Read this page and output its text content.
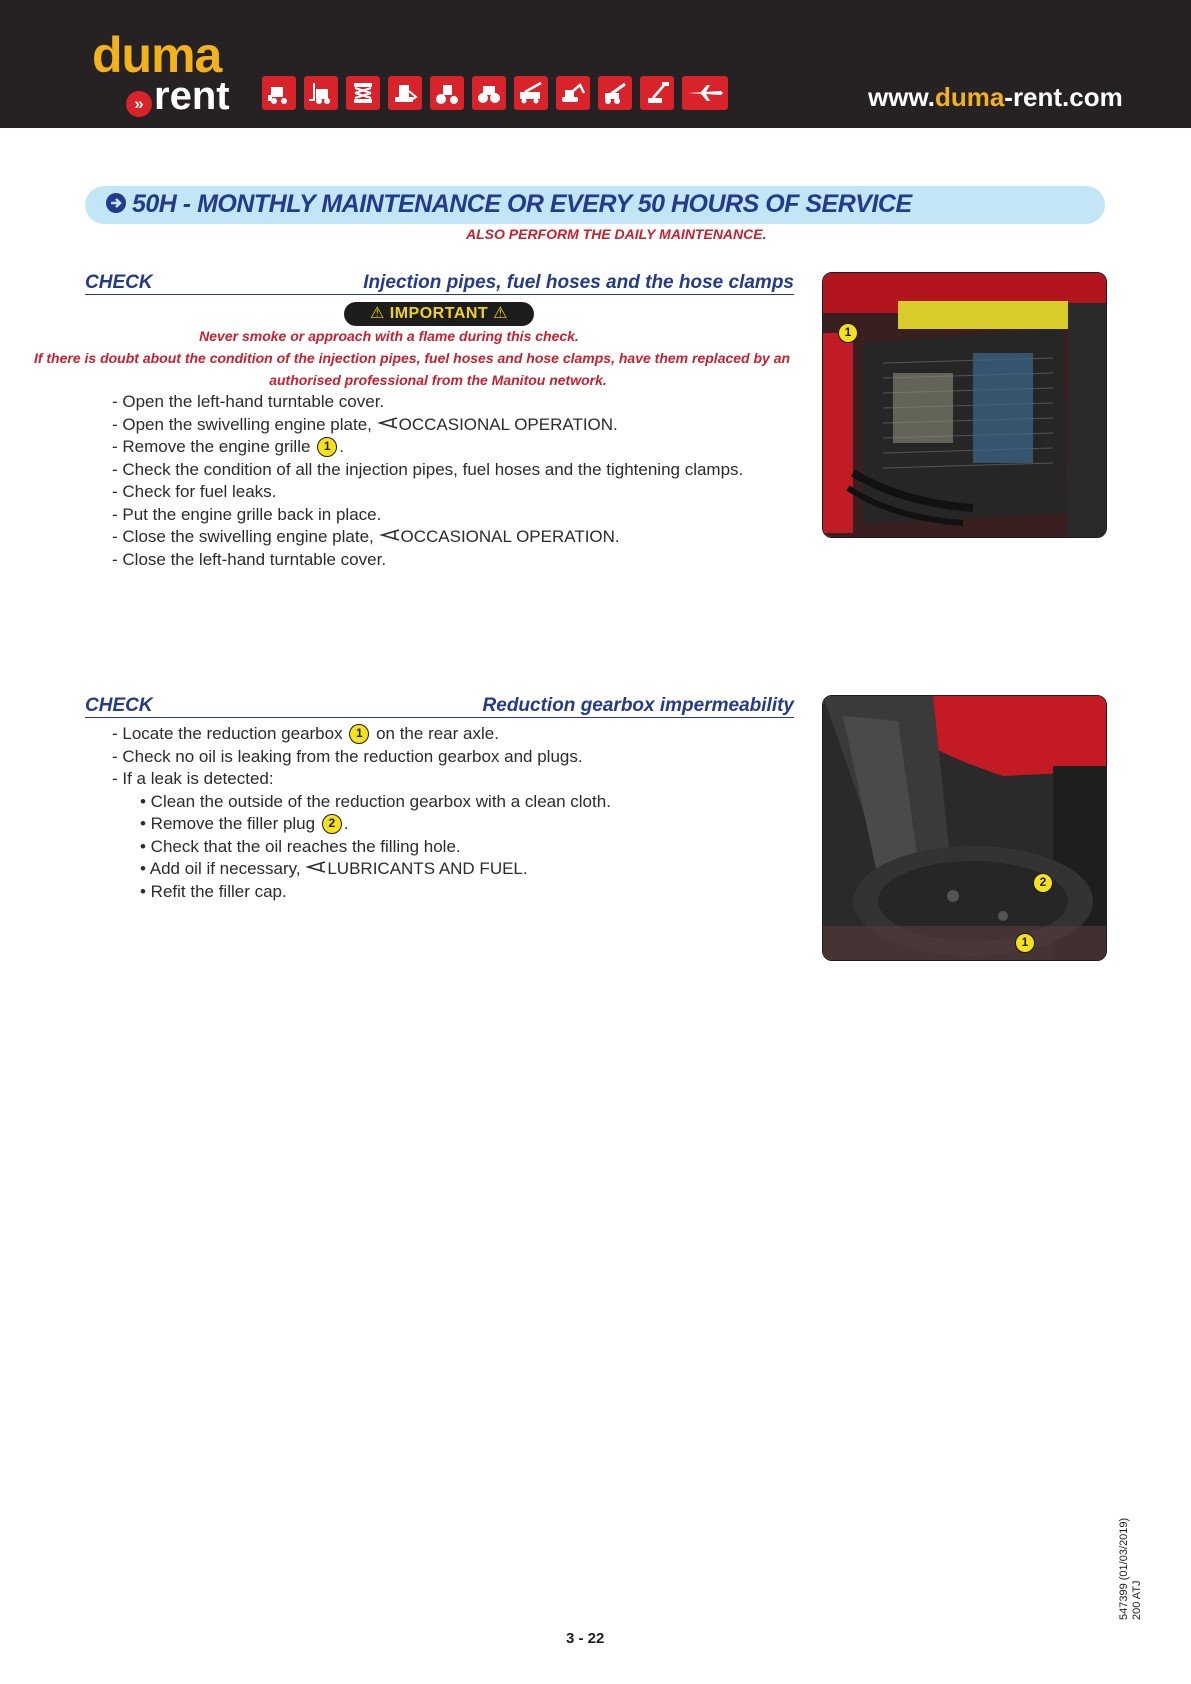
duma
» rent	www.duma-rent.com
50H - MONTHLY MAINTENANCE OR EVERY 50 HOURS OF SERVICE
ALSO PERFORM THE DAILY MAINTENANCE.
CHECK	Injection pipes, fuel hoses and the hose clamps
⚠ IMPORTANT ⚠
Never smoke or approach with a flame during this check.
If there is doubt about the condition of the injection pipes, fuel hoses and hose clamps, have them replaced by an
authorised professional from the Manitou network.
- Open the left-hand turntable cover.
- Open the swivelling engine plate, OCCASIONAL OPERATION.
- Remove the engine grille 1 .
- Check the condition of all the injection pipes, fuel hoses and the tightening clamps.
- Check for fuel leaks.
- Put the engine grille back in place.
- Close the swivelling engine plate, OCCASIONAL OPERATION.
- Close the left-hand turntable cover.
1
CHECK	Reduction gearbox impermeability
- Locate the reduction gearbox 1 on the rear axle.
- Check no oil is leaking from the reduction gearbox and plugs.
- If a leak is detected:
• Clean the outside of the reduction gearbox with a clean cloth.
• Remove the filler plug 2 .
• Check that the oil reaches the filling hole.
• Add oil if necessary, LUBRICANTS AND FUEL.
• Refit the filler cap.	2
1
3 - 22
547399 (01/03/2019) 200 ATJ
